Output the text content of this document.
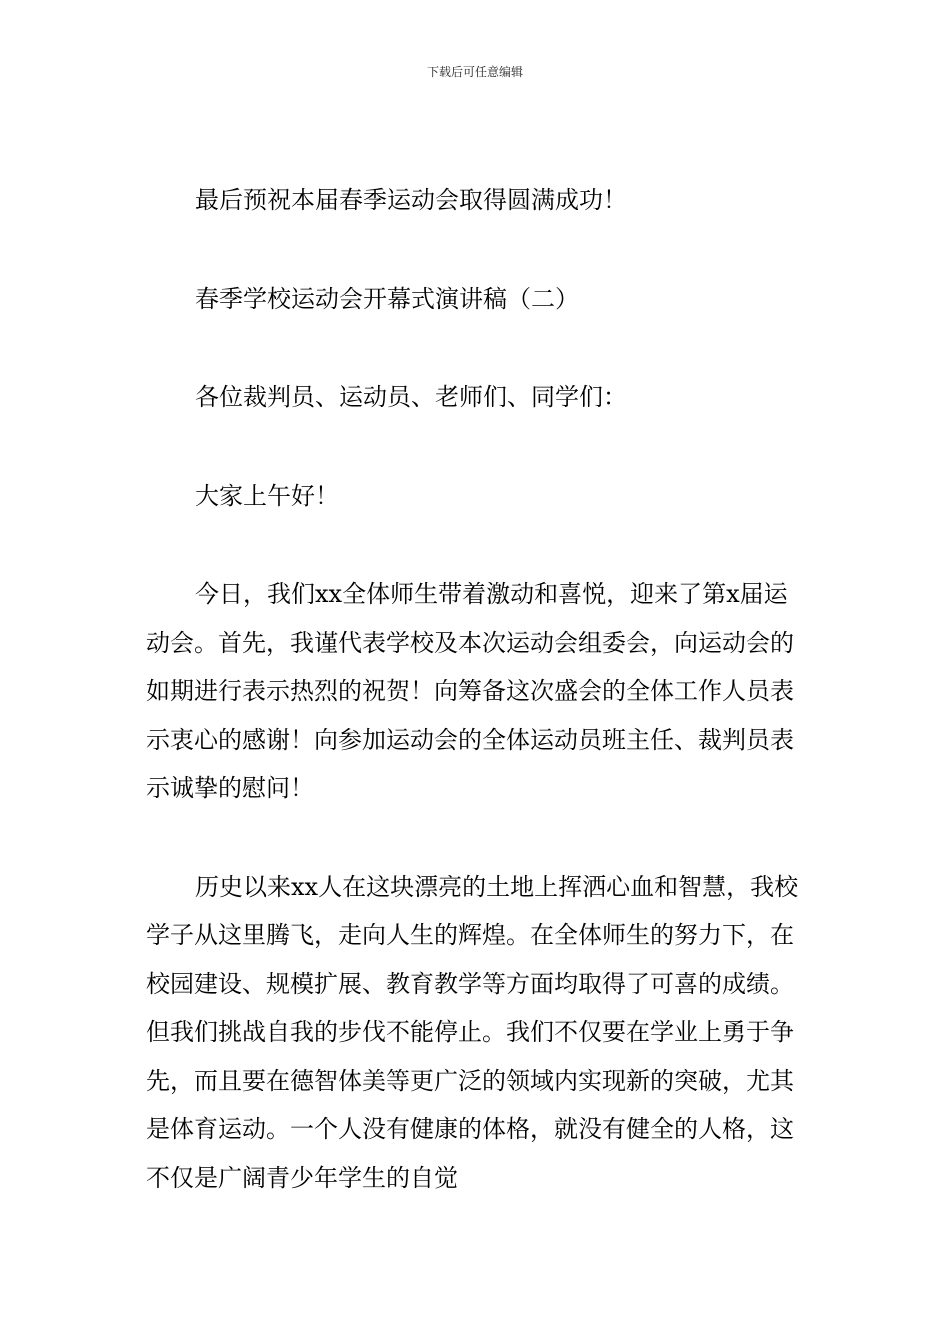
下载后可任意编辑

最后预祝本届春季运动会取得圆满成功！

春季学校运动会开幕式演讲稿（二）

各位裁判员、运动员、老师们、同学们：

大家上午好！

今日，我们xx全体师生带着激动和喜悦，迎来了第x届运动会。首先，我谨代表学校及本次运动会组委会，向运动会的如期进行表示热烈的祝贺！向筹备这次盛会的全体工作人员表示衷心的感谢！向参加运动会的全体运动员班主任、裁判员表示诚挚的慰问！

历史以来xx人在这块漂亮的土地上挥洒心血和智慧，我校学子从这里腾飞，走向人生的辉煌。在全体师生的努力下，在校园建设、规模扩展、教育教学等方面均取得了可喜的成绩。但我们挑战自我的步伐不能停止。我们不仅要在学业上勇于争先，而且要在德智体美等更广泛的领域内实现新的突破，尤其是体育运动。一个人没有健康的体格，就没有健全的人格，这不仅是广阔青少年学生的自觉
